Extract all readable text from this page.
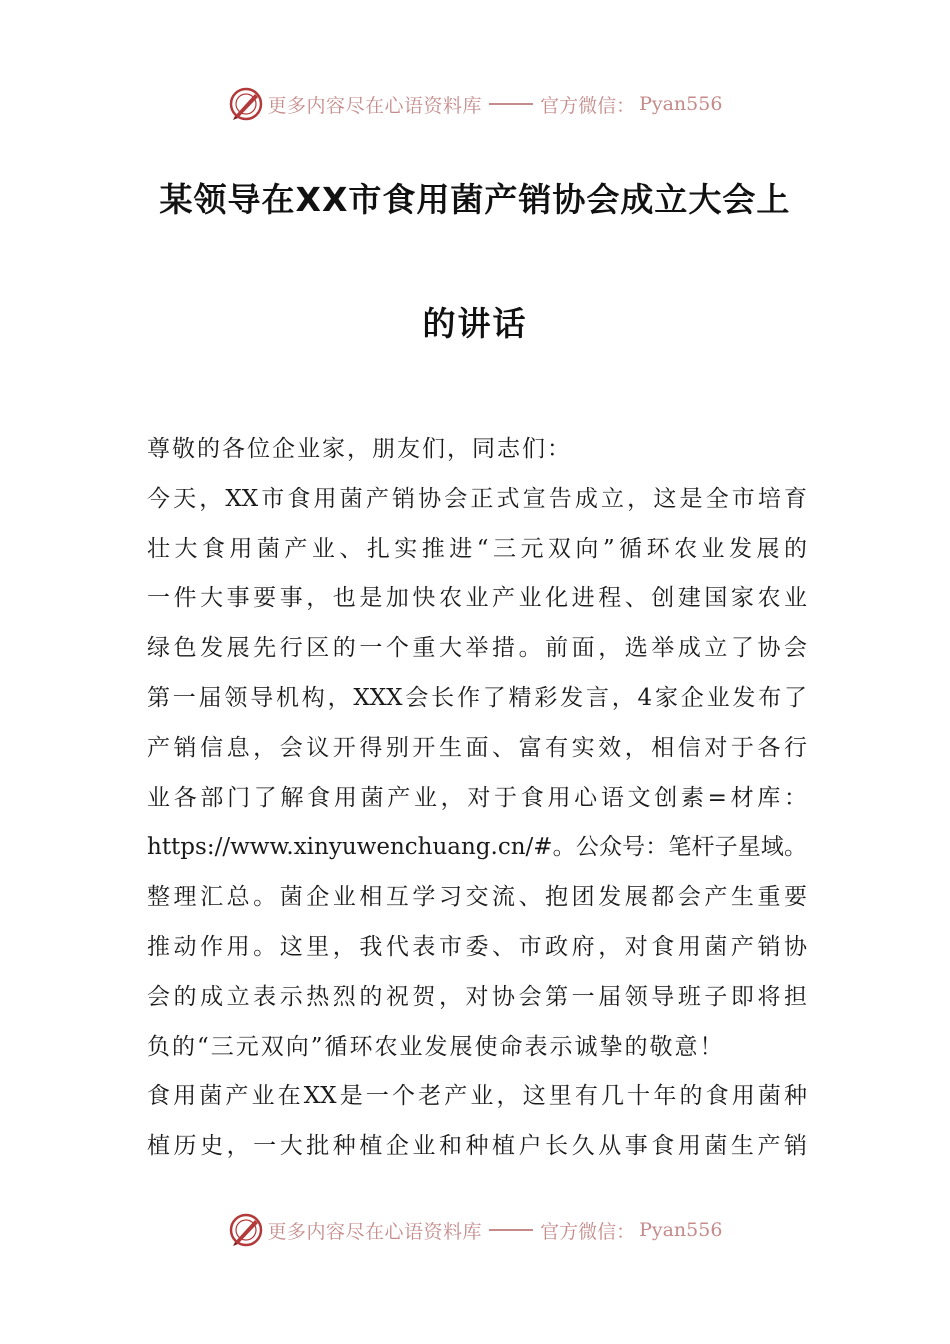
更多内容尽在心语资料库	官方微信： Pyan556
某领导在XX市食用菌产销协会成立大会上
的讲话
尊敬的各位企业家，朋友们，同志们：
今天，XX市食用菌产销协会正式宣告成立，这是全市培育
壮大食用菌产业、扎实推进“三元双向”循环农业发展的
一件大事要事，也是加快农业产业化进程、创建国家农业
绿色发展先行区的一个重大举措。前面，选举成立了协会
第一届领导机构，XXX会长作了精彩发言，4家企业发布了
产销信息，会议开得别开生面、富有实效，相信对于各行
业各部门了解食用菌产业，对于食用心语文创素=材库：
https://www.xinyuwenchuang.cn/#。公众号：笔杆子星域。
整理汇总。菌企业相互学习交流、抱团发展都会产生重要
推动作用。这里，我代表市委、市政府，对食用菌产销协
会的成立表示热烈的祝贺，对协会第一届领导班子即将担
负的“三元双向”循环农业发展使命表示诚挚的敬意！
食用菌产业在XX是一个老产业，这里有几十年的食用菌种
植历史，一大批种植企业和种植户长久从事食用菌生产销
更多内容尽在心语资料库	官方微信： Pyan556
